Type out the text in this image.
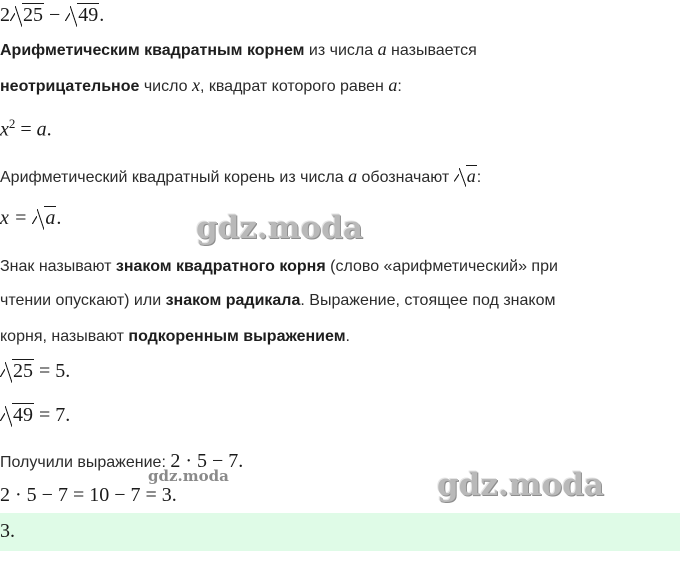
2 25 − 49.
Арифметическим квадратным корнем из числа a называется
неотрицательное число x, квадрат которого равен a:
$x^2 = a$.
Арифметический квадратный корень из числа a обозначают a:
x = a.	gdz.moda
Знак называют знаком квадратного корня (слово «арифметический» при
чтении опускают) или знаком радикала. Выражение, стоящее под знаком
корня, называют подкоренным выражением.
25 = 5.
49 = 7.
Получили выражение: 2 · 5 − 7.
gdz.moda
2 · 5 − 7 = 10 − 7 = 3.	gdz.moda
3.
